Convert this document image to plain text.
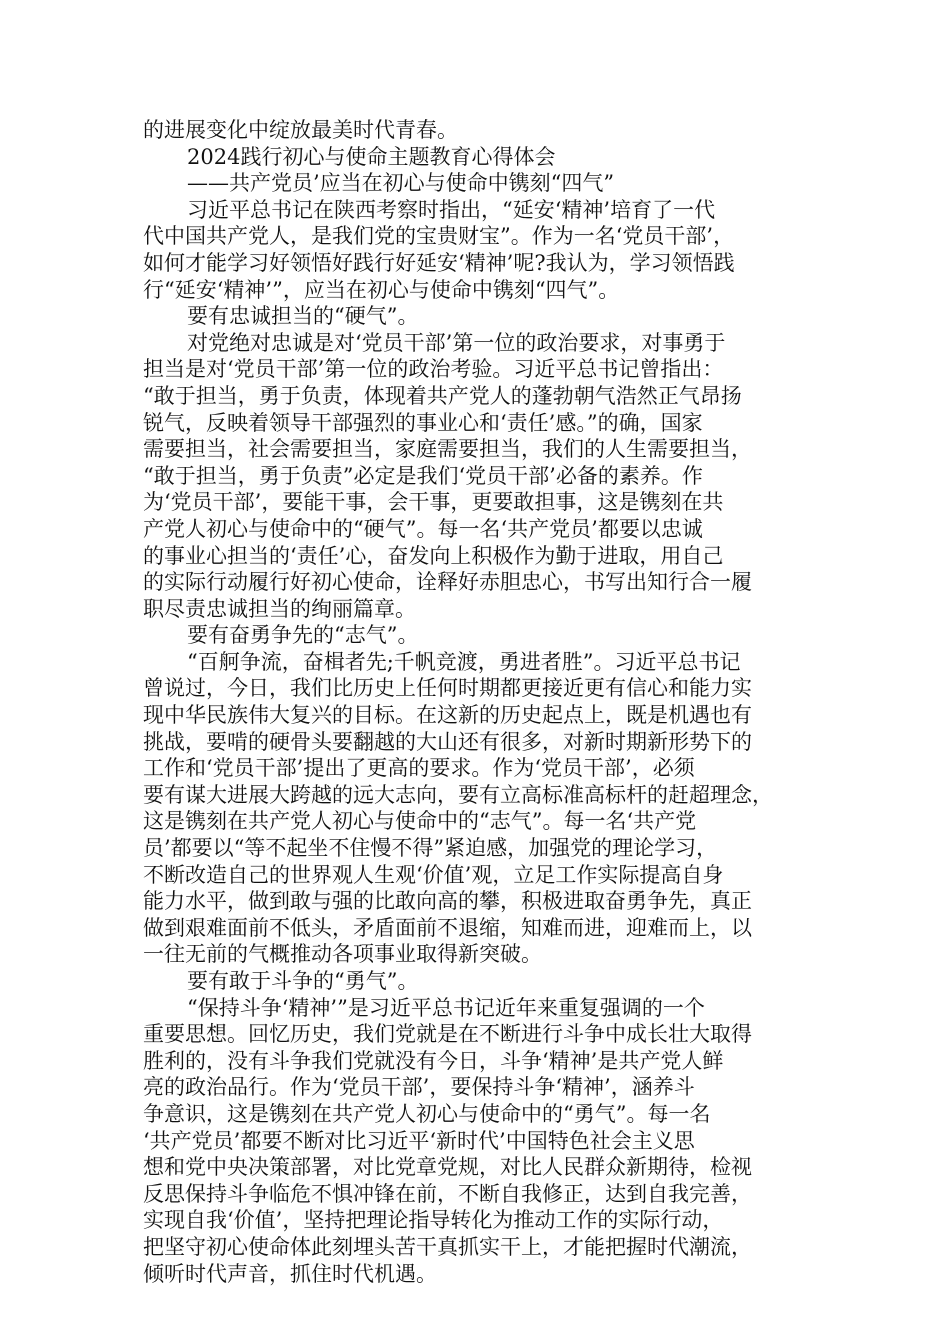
的进展变化中绽放最美时代青春。
2024践行初心与使命主题教育心得体会
——共产党员’应当在初心与使命中镌刻“四气”
习近平总书记在陕西考察时指出，“延安‘精神’培育了一代
代中国共产党人，是我们党的宝贵财宝”。作为一名‘党员干部’，
如何才能学习好领悟好践行好延安‘精神’呢?我认为，学习领悟践
行“延安‘精神’”，应当在初心与使命中镌刻“四气”。
要有忠诚担当的“硬气”。
对党绝对忠诚是对‘党员干部’第一位的政治要求，对事勇于
担当是对‘党员干部’第一位的政治考验。习近平总书记曾指出：
“敢于担当，勇于负责，体现着共产党人的蓬勃朝气浩然正气昂扬
锐气，反映着领导干部强烈的事业心和‘责任’感。”的确，国家
需要担当，社会需要担当，家庭需要担当，我们的人生需要担当，
“敢于担当，勇于负责”必定是我们‘党员干部’必备的素养。作
为‘党员干部’，要能干事，会干事，更要敢担事，这是镌刻在共
产党人初心与使命中的“硬气”。每一名‘共产党员’都要以忠诚
的事业心担当的‘责任’心，奋发向上积极作为勤于进取，用自己
的实际行动履行好初心使命，诠释好赤胆忠心，书写出知行合一履
职尽责忠诚担当的绚丽篇章。
要有奋勇争先的“志气”。
“百舸争流，奋楫者先;千帆竞渡，勇进者胜”。习近平总书记
曾说过，今日，我们比历史上任何时期都更接近更有信心和能力实
现中华民族伟大复兴的目标。在这新的历史起点上，既是机遇也有
挑战，要啃的硬骨头要翻越的大山还有很多，对新时期新形势下的
工作和‘党员干部’提出了更高的要求。作为‘党员干部’，必须
要有谋大进展大跨越的远大志向，要有立高标准高标杆的赶超理念，
这是镌刻在共产党人初心与使命中的“志气”。每一名‘共产党
员’都要以“等不起坐不住慢不得”紧迫感，加强党的理论学习，
不断改造自己的世界观人生观‘价值’观，立足工作实际提高自身
能力水平，做到敢与强的比敢向高的攀，积极进取奋勇争先，真正
做到艰难面前不低头，矛盾面前不退缩，知难而进，迎难而上，以
一往无前的气概推动各项事业取得新突破。
要有敢于斗争的“勇气”。
“保持斗争‘精神’”是习近平总书记近年来重复强调的一个
重要思想。回忆历史，我们党就是在不断进行斗争中成长壮大取得
胜利的，没有斗争我们党就没有今日，斗争‘精神’是共产党人鲜
亮的政治品行。作为‘党员干部’，要保持斗争‘精神’，涵养斗
争意识，这是镌刻在共产党人初心与使命中的“勇气”。每一名
‘共产党员’都要不断对比习近平‘新时代’中国特色社会主义思
想和党中央决策部署，对比党章党规，对比人民群众新期待，检视
反思保持斗争临危不惧冲锋在前，不断自我修正，达到自我完善，
实现自我‘价值’，坚持把理论指导转化为推动工作的实际行动，
把坚守初心使命体此刻埋头苦干真抓实干上，才能把握时代潮流，
倾听时代声音，抓住时代机遇。
